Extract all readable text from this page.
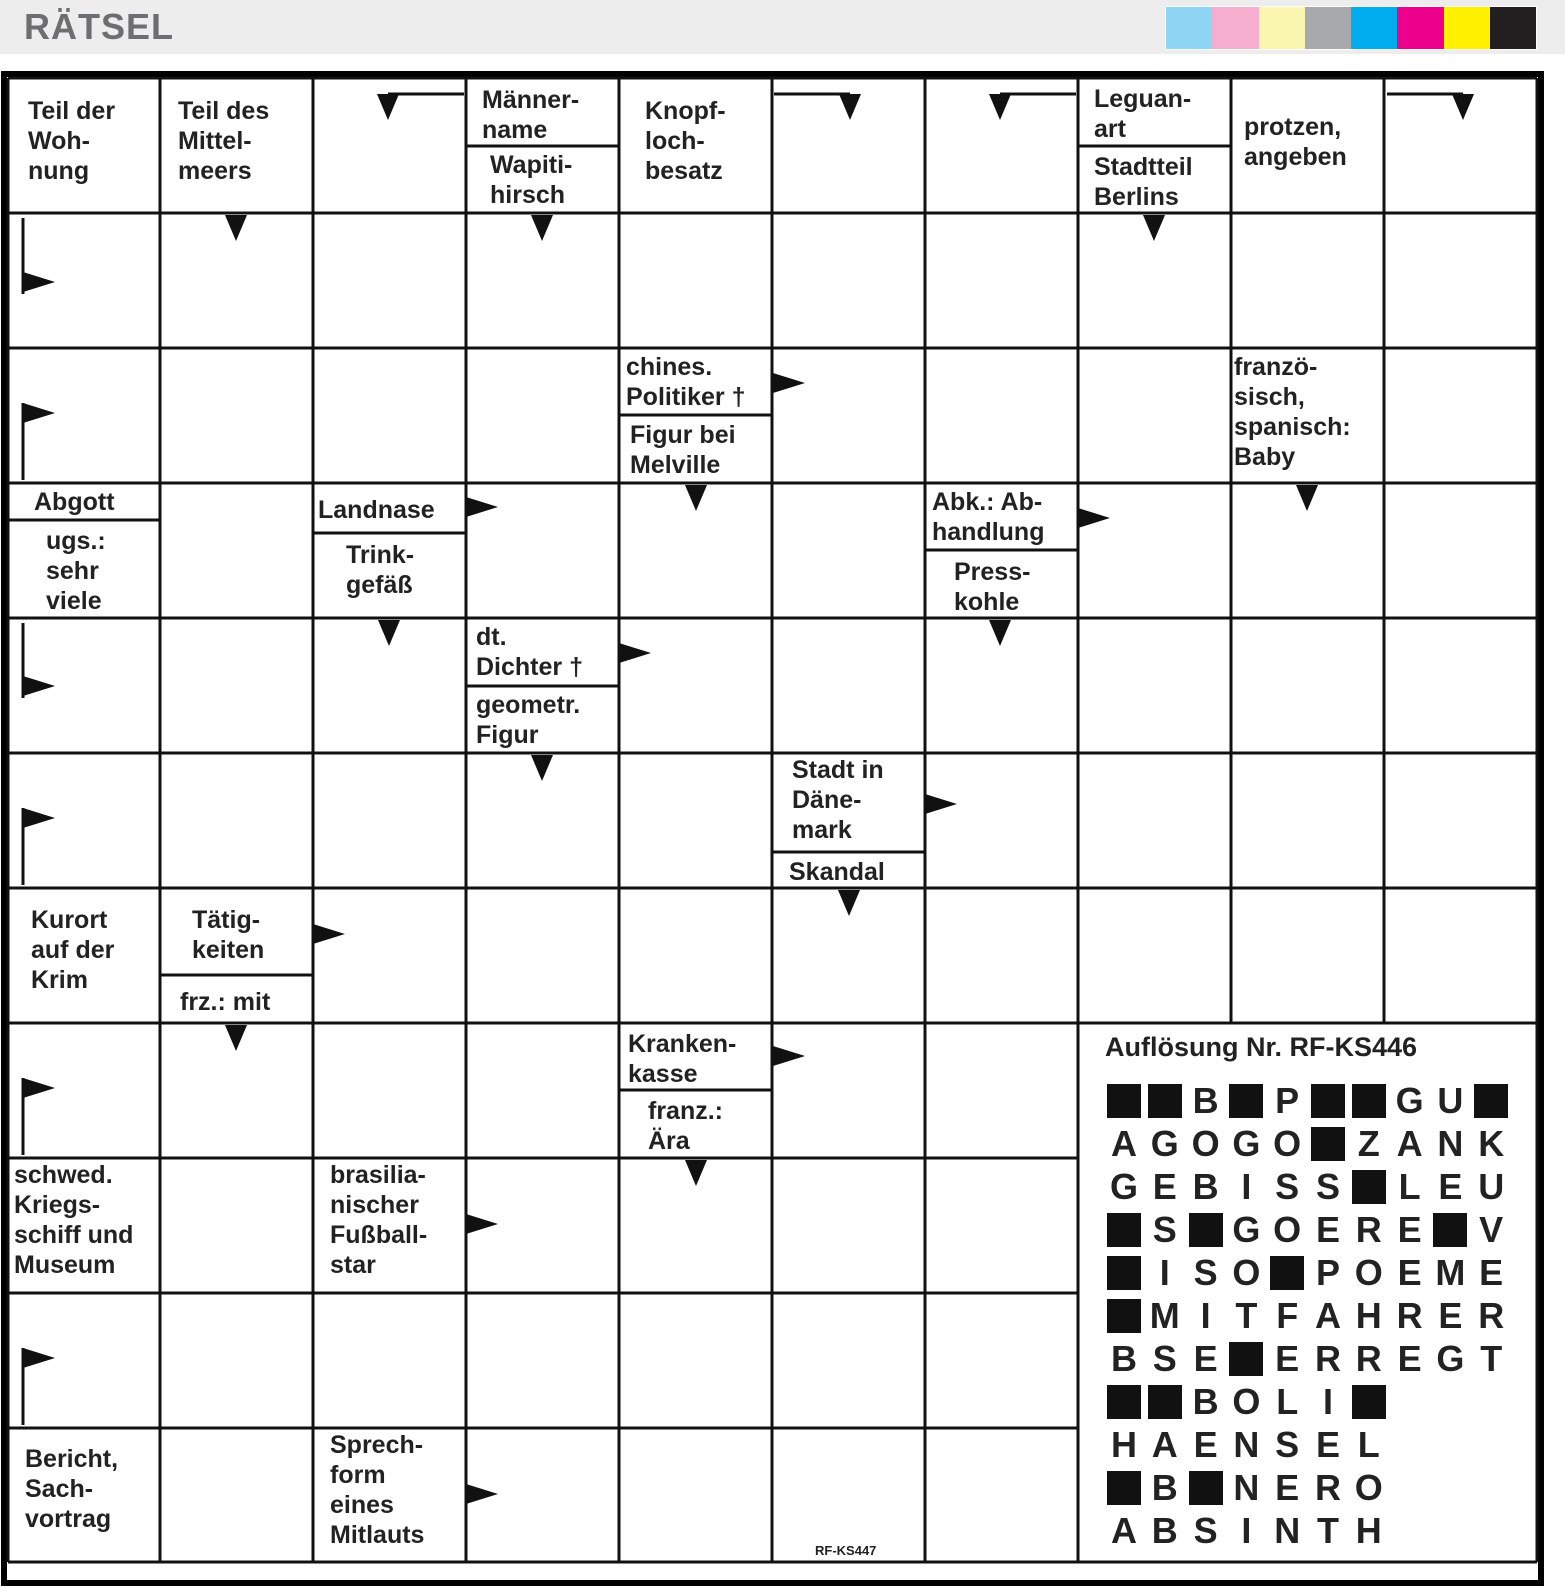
RÄTSEL
Teil der
Woh-
nung
Teil des
Mittel-
meers
Männer-
name
Wapiti-
hirsch
Knopf-
loch-
besatz
Leguan-
art
Stadtteil
Berlins
protzen,
angeben
chines.
Politiker †
Figur bei
Melville
franzö-
sisch,
spanisch:
Baby
Abgott
ugs.:
sehr
viele
Landnase
Trink-
gefäß
Abk.: Ab-
handlung
Press-
kohle
dt.
Dichter †
geometr.
Figur
Stadt in
Däne-
mark
Skandal
Kurort
auf der
Krim
Tätig-
keiten
frz.: mit
Kranken-
kasse
franz.:
Ära
schwed.
Kriegs-
schiff und
Museum
brasilia-
nischer
Fußball-
star
Bericht,
Sach-
vortrag
Sprech-
form
eines
Mitlauts
Auflösung Nr. RF-KS446
B P	G U
A G O G O Z A N K
G E B I S S L E U
S G O E R E V
I S O P O E M E
M I T F A H R E R
B S E E R R E G T
B O L I
H A E N S E L
B N E R O
A B S I N T H
RF-KS447
